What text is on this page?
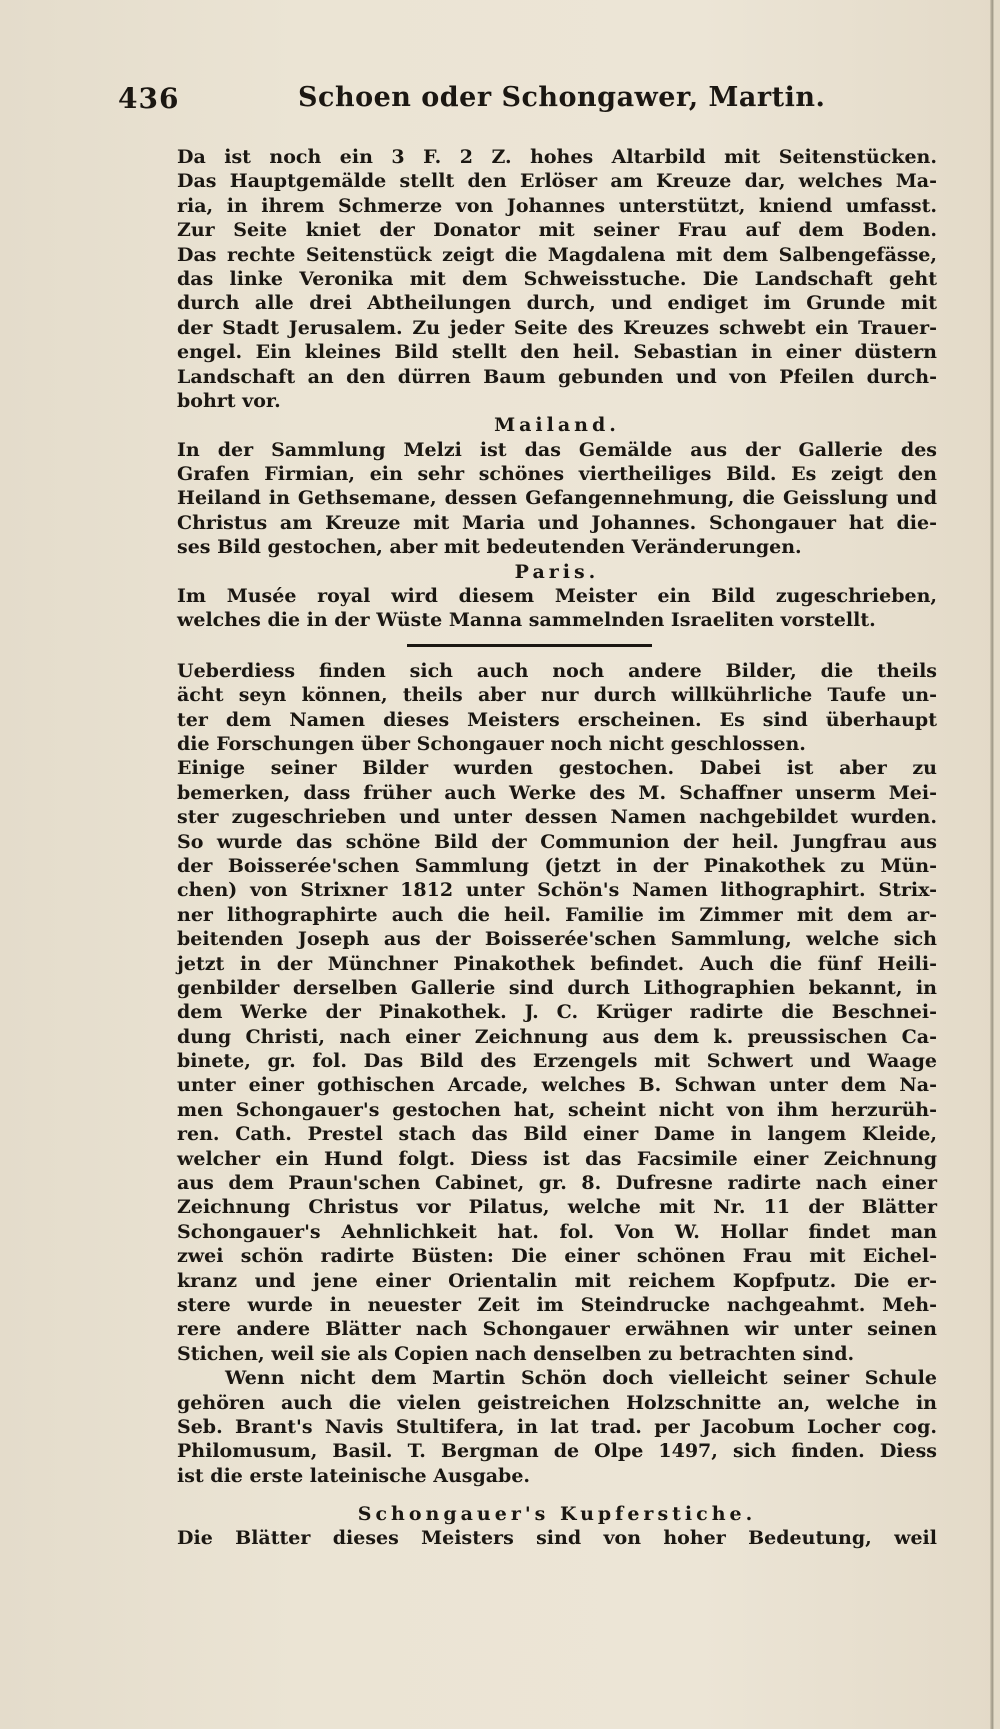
436	Schoen oder Schongawer, Martin.
Da ist noch ein 3 F. 2 Z. hohes Altarbild mit Seitenstücken.
Das Hauptgemälde stellt den Erlöser am Kreuze dar, welches Ma-
ria, in ihrem Schmerze von Johannes unterstützt, kniend umfasst.
Zur Seite kniet der Donator mit seiner Frau auf dem Boden.
Das rechte Seitenstück zeigt die Magdalena mit dem Salbengefässe,
das linke Veronika mit dem Schweisstuche. Die Landschaft geht
durch alle drei Abtheilungen durch, und endiget im Grunde mit
der Stadt Jerusalem. Zu jeder Seite des Kreuzes schwebt ein Trauer-
engel. Ein kleines Bild stellt den heil. Sebastian in einer düstern
Landschaft an den dürren Baum gebunden und von Pfeilen durch-
bohrt vor.
Mailand.
In der Sammlung Melzi ist das Gemälde aus der Gallerie des
Grafen Firmian, ein sehr schönes viertheiliges Bild. Es zeigt den
Heiland in Gethsemane, dessen Gefangennehmung, die Geisslung und
Christus am Kreuze mit Maria und Johannes. Schongauer hat die-
ses Bild gestochen, aber mit bedeutenden Veränderungen.
Paris.
Im Musée royal wird diesem Meister ein Bild zugeschrieben,
welches die in der Wüste Manna sammelnden Israeliten vorstellt.
Ueberdiess finden sich auch noch andere Bilder, die theils
ächt seyn können, theils aber nur durch willkührliche Taufe un-
ter dem Namen dieses Meisters erscheinen. Es sind überhaupt
die Forschungen über Schongauer noch nicht geschlossen.
Einige seiner Bilder wurden gestochen. Dabei ist aber zu
bemerken, dass früher auch Werke des M. Schaffner unserm Mei-
ster zugeschrieben und unter dessen Namen nachgebildet wurden.
So wurde das schöne Bild der Communion der heil. Jungfrau aus
der Boisserée'schen Sammlung (jetzt in der Pinakothek zu Mün-
chen) von Strixner 1812 unter Schön's Namen lithographirt. Strix-
ner lithographirte auch die heil. Familie im Zimmer mit dem ar-
beitenden Joseph aus der Boisserée'schen Sammlung, welche sich
jetzt in der Münchner Pinakothek befindet. Auch die fünf Heili-
genbilder derselben Gallerie sind durch Lithographien bekannt, in
dem Werke der Pinakothek. J. C. Krüger radirte die Beschnei-
dung Christi, nach einer Zeichnung aus dem k. preussischen Ca-
binete, gr. fol. Das Bild des Erzengels mit Schwert und Waage
unter einer gothischen Arcade, welches B. Schwan unter dem Na-
men Schongauer's gestochen hat, scheint nicht von ihm herzurüh-
ren. Cath. Prestel stach das Bild einer Dame in langem Kleide,
welcher ein Hund folgt. Diess ist das Facsimile einer Zeichnung
aus dem Praun'schen Cabinet, gr. 8. Dufresne radirte nach einer
Zeichnung Christus vor Pilatus, welche mit Nr. 11 der Blätter
Schongauer's Aehnlichkeit hat. fol. Von W. Hollar findet man
zwei schön radirte Büsten: Die einer schönen Frau mit Eichel-
kranz und jene einer Orientalin mit reichem Kopfputz. Die er-
stere wurde in neuester Zeit im Steindrucke nachgeahmt. Meh-
rere andere Blätter nach Schongauer erwähnen wir unter seinen
Stichen, weil sie als Copien nach denselben zu betrachten sind.
Wenn nicht dem Martin Schön doch vielleicht seiner Schule
gehören auch die vielen geistreichen Holzschnitte an, welche in
Seb. Brant's Navis Stultifera, in lat trad. per Jacobum Locher cog.
Philomusum, Basil. T. Bergman de Olpe 1497, sich finden. Diess
ist die erste lateinische Ausgabe.
Schongauer's Kupferstiche.
Die Blätter dieses Meisters sind von hoher Bedeutung, weil
